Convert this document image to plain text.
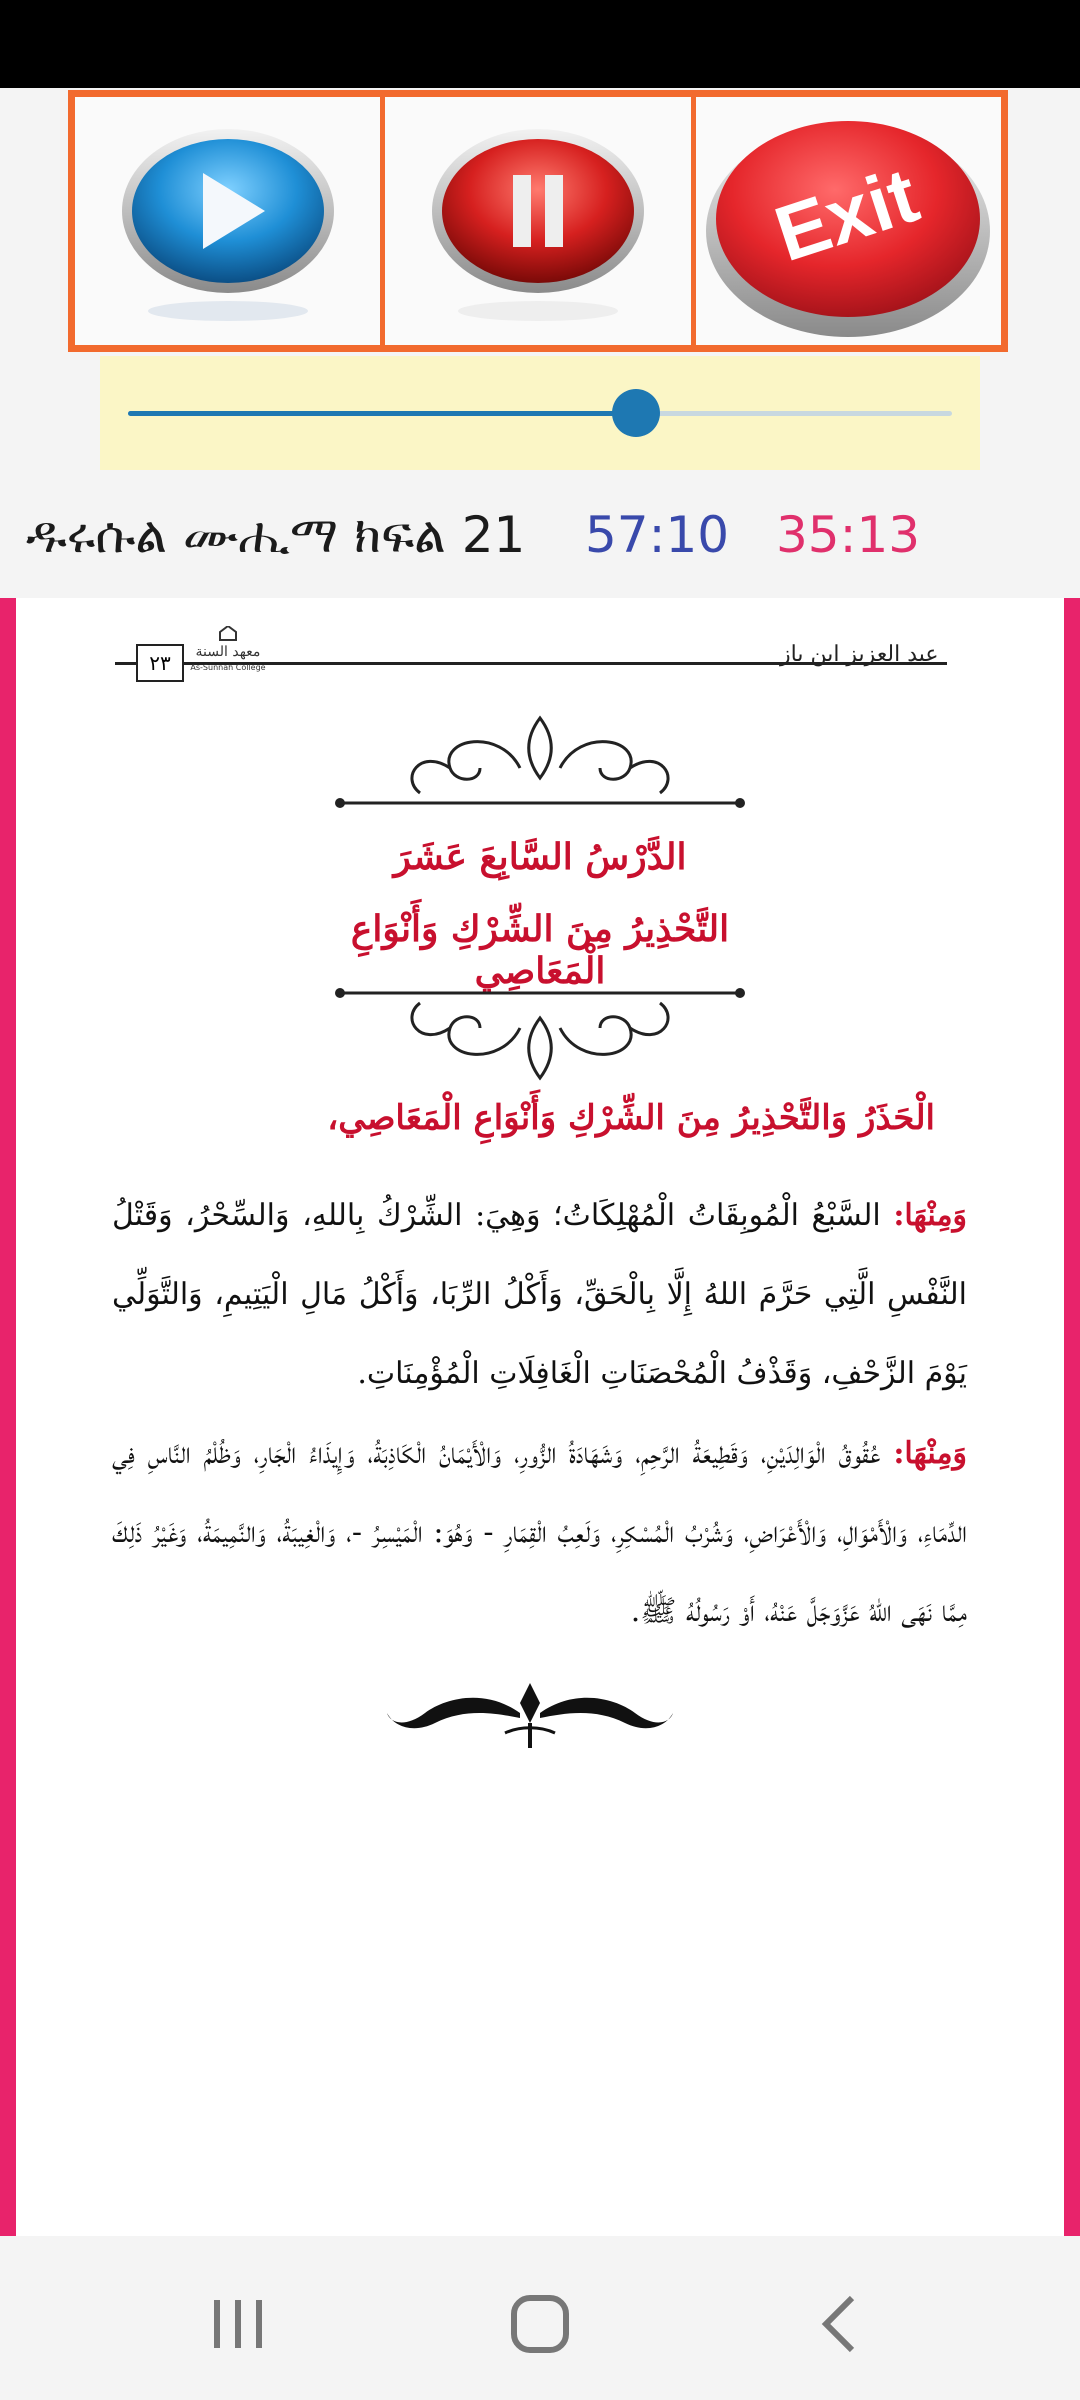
Exit
ዱሩሱል ሙሒማ ክፍል 21 57:10 35:13
٢٣	معهد السنة
As-Sunnah College
عبد العزيز ابن باز
الدَّرْسُ السَّابِعَ عَشَرَ
التَّحْذِيرُ مِنَ الشِّرْكِ وَأَنْوَاعِ الْمَعَاصِي
الْحَذَرُ وَالتَّحْذِيرُ مِنَ الشِّرْكِ وَأَنْوَاعِ الْمَعَاصِي،
وَمِنْهَا: السَّبْعُ الْمُوبِقَاتُ الْمُهْلِكَاتُ؛ وَهِيَ: الشِّرْكُ بِاللهِ، وَالسِّحْرُ، وَقَتْلُ النَّفْسِ الَّتِي حَرَّمَ اللهُ إِلَّا بِالْحَقِّ، وَأَكْلُ الرِّبَا، وَأَكْلُ مَالِ الْيَتِيمِ، وَالتَّوَلِّي يَوْمَ الزَّحْفِ، وَقَذْفُ الْمُحْصَنَاتِ الْغَافِلَاتِ الْمُؤْمِنَاتِ.
وَمِنْهَا: عُقُوقُ الْوَالِدَيْنِ، وَقَطِيعَةُ الرَّحِمِ، وَشَهَادَةُ الزُّورِ، وَالْأَيْمَانُ الْكَاذِبَةُ، وَإِيذَاءُ الْجَارِ، وَظُلْمُ النَّاسِ فِي الدِّمَاءِ، وَالْأَمْوَالِ، وَالْأَعْرَاضِ، وَشُرْبُ الْمُسْكِرِ، وَلَعِبُ الْقِمَارِ - وَهُوَ: الْمَيْسِرُ -، وَالْغِيبَةُ، وَالنَّمِيمَةُ، وَغَيْرُ ذَلِكَ مِمَّا نَهَى اللهُ عَزَّوَجَلَّ عَنْهُ، أَوْ رَسُولُهُ ﷺ.
